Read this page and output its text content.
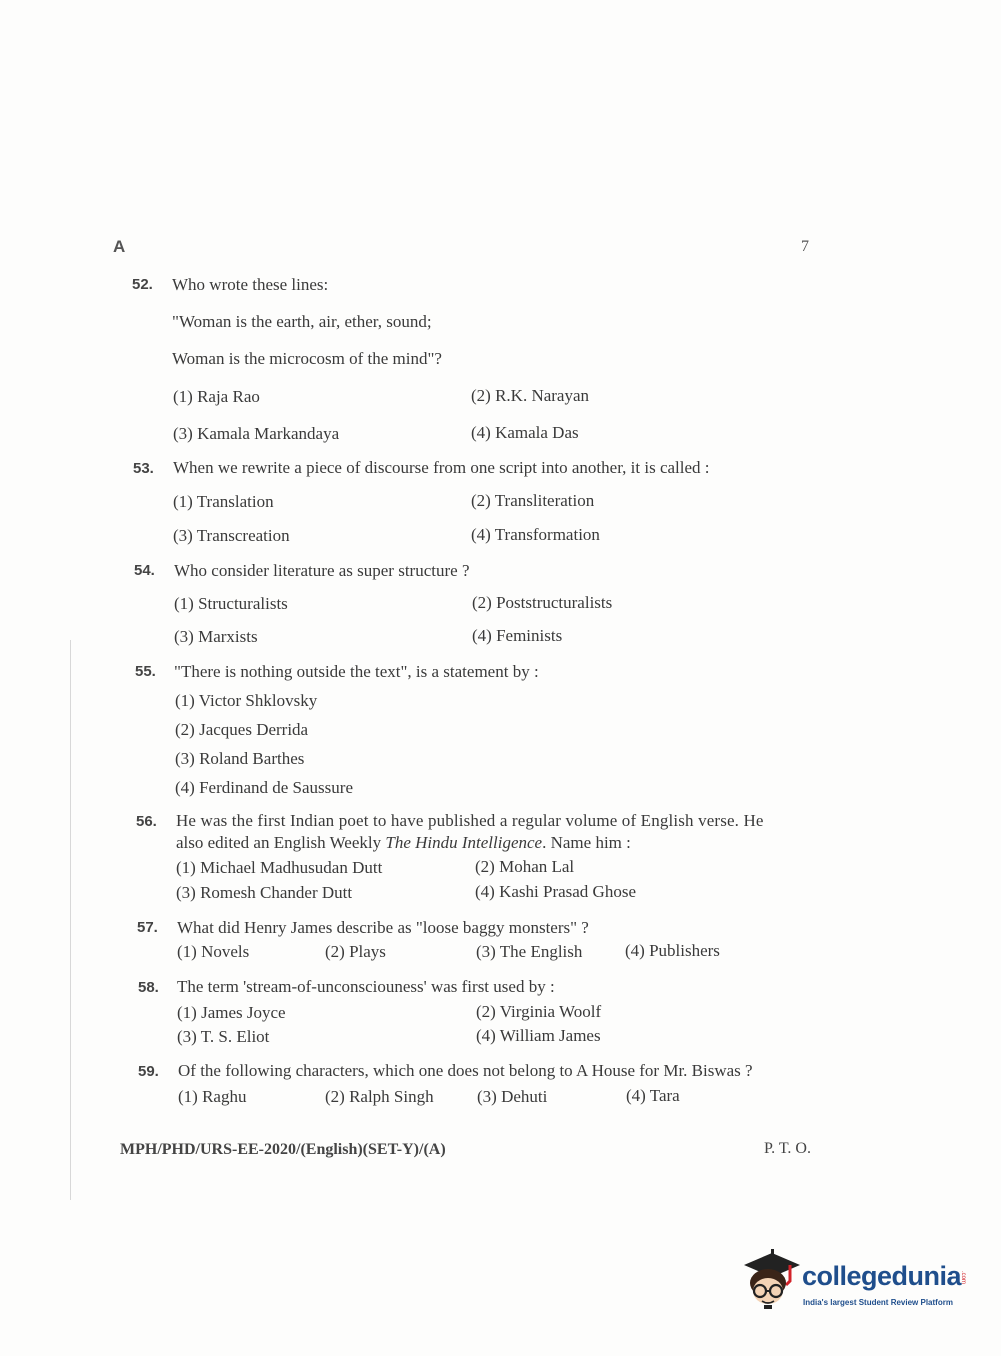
A	7
52. Who wrote these lines:
"Woman is the earth, air, ether, sound;
Woman is the microcosm of the mind"?
(1) Raja Rao	(2) R.K. Narayan
(3) Kamala Markandaya	(4) Kamala Das
53. When we rewrite a piece of discourse from one script into another, it is called :
(1) Translation	(2) Transliteration
(3) Transcreation	(4) Transformation
54. Who consider literature as super structure ?
(1) Structuralists	(2) Poststructuralists
(3) Marxists	(4) Feminists
55. "There is nothing outside the text", is a statement by :
(1) Victor Shklovsky
(2) Jacques Derrida
(3) Roland Barthes
(4) Ferdinand de Saussure
56. He was the first Indian poet to have published a regular volume of English verse. He
also edited an English Weekly The Hindu Intelligence. Name him :
(1) Michael Madhusudan Dutt	(2) Mohan Lal
(3) Romesh Chander Dutt	(4) Kashi Prasad Ghose
57. What did Henry James describe as "loose baggy monsters" ?
(1) Novels	(2) Plays	(3) The English	(4) Publishers
58. The term 'stream-of-unconsciouness' was first used by :
(1) James Joyce	(2) Virginia Woolf
(3) T. S. Eliot	(4) William James
59. Of the following characters, which one does not belong to A House for Mr. Biswas ?
(1) Raghu	(2) Ralph Singh	(3) Dehuti	(4) Tara
MPH/PHD/URS-EE-2020/(English)(SET-Y)/(A)	P. T. O.
collegedunia
.com
India's largest Student Review Platform
